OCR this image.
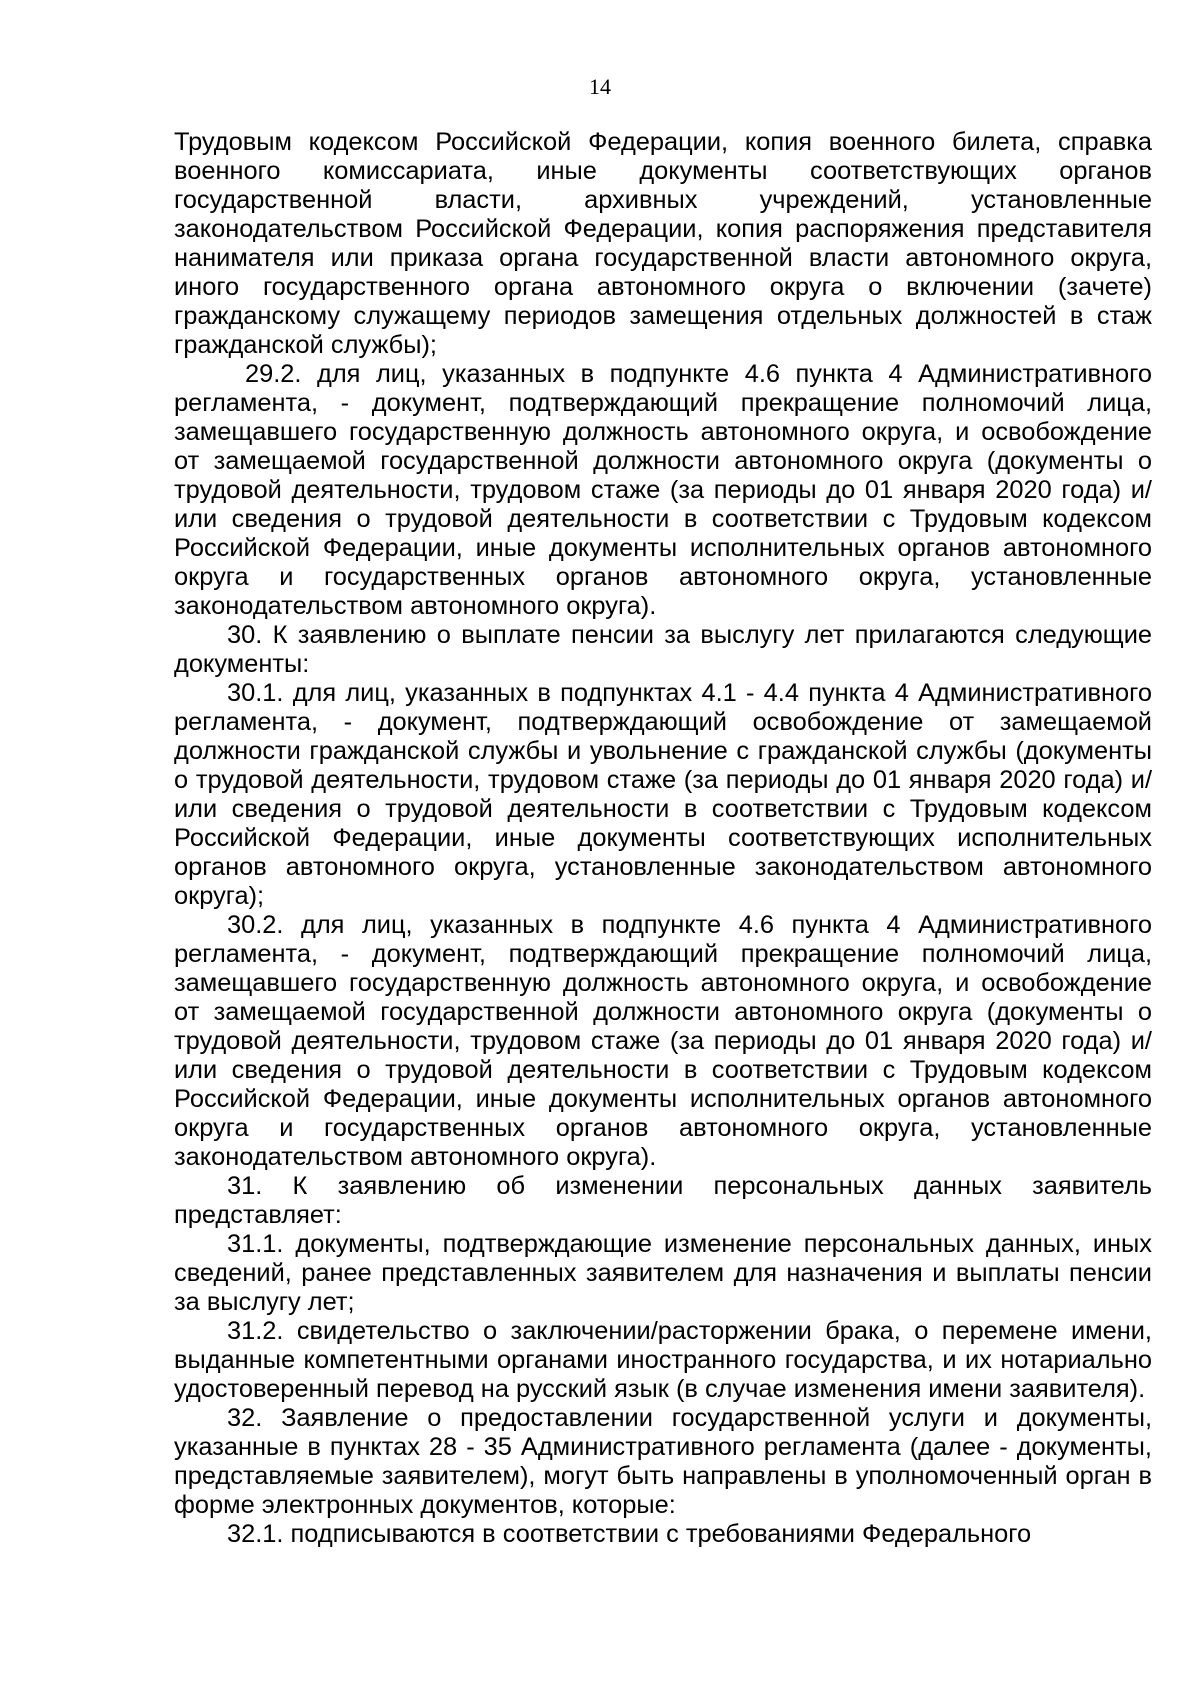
14

Трудовым кодексом Российской Федерации, копия военного билета, справка военного комиссариата, иные документы соответствующих органов государственной власти, архивных учреждений, установленные законодательством Российской Федерации, копия распоряжения представителя нанимателя или приказа органа государственной власти автономного округа, иного государственного органа автономного округа о включении (зачете) гражданскому служащему периодов замещения отдельных должностей в стаж гражданской службы);

29.2. для лиц, указанных в подпункте 4.6 пункта 4 Административного регламента, - документ, подтверждающий прекращение полномочий лица, замещавшего государственную должность автономного округа, и освобождение от замещаемой государственной должности автономного округа (документы о трудовой деятельности, трудовом стаже (за периоды до 01 января 2020 года) и/или сведения о трудовой деятельности в соответствии с Трудовым кодексом Российской Федерации, иные документы исполнительных органов автономного округа и государственных органов автономного округа, установленные законодательством автономного округа).

30. К заявлению о выплате пенсии за выслугу лет прилагаются следующие документы:

30.1. для лиц, указанных в подпунктах 4.1 - 4.4 пункта 4 Административного регламента, - документ, подтверждающий освобождение от замещаемой должности гражданской службы и увольнение с гражданской службы (документы о трудовой деятельности, трудовом стаже (за периоды до 01 января 2020 года) и/или сведения о трудовой деятельности в соответствии с Трудовым кодексом Российской Федерации, иные документы соответствующих исполнительных органов автономного округа, установленные законодательством автономного округа);

30.2. для лиц, указанных в подпункте 4.6 пункта 4 Административного регламента, - документ, подтверждающий прекращение полномочий лица, замещавшего государственную должность автономного округа, и освобождение от замещаемой государственной должности автономного округа (документы о трудовой деятельности, трудовом стаже (за периоды до 01 января 2020 года) и/или сведения о трудовой деятельности в соответствии с Трудовым кодексом Российской Федерации, иные документы исполнительных органов автономного округа и государственных органов автономного округа, установленные законодательством автономного округа).

31. К заявлению об изменении персональных данных заявитель представляет:

31.1. документы, подтверждающие изменение персональных данных, иных сведений, ранее представленных заявителем для назначения и выплаты пенсии за выслугу лет;

31.2. свидетельство о заключении/расторжении брака, о перемене имени, выданные компетентными органами иностранного государства, и их нотариально удостоверенный перевод на русский язык (в случае изменения имени заявителя).

32. Заявление о предоставлении государственной услуги и документы, указанные в пунктах 28 - 35 Административного регламента (далее - документы, представляемые заявителем), могут быть направлены в уполномоченный орган в форме электронных документов, которые:

32.1. подписываются в соответствии с требованиями Федерального
